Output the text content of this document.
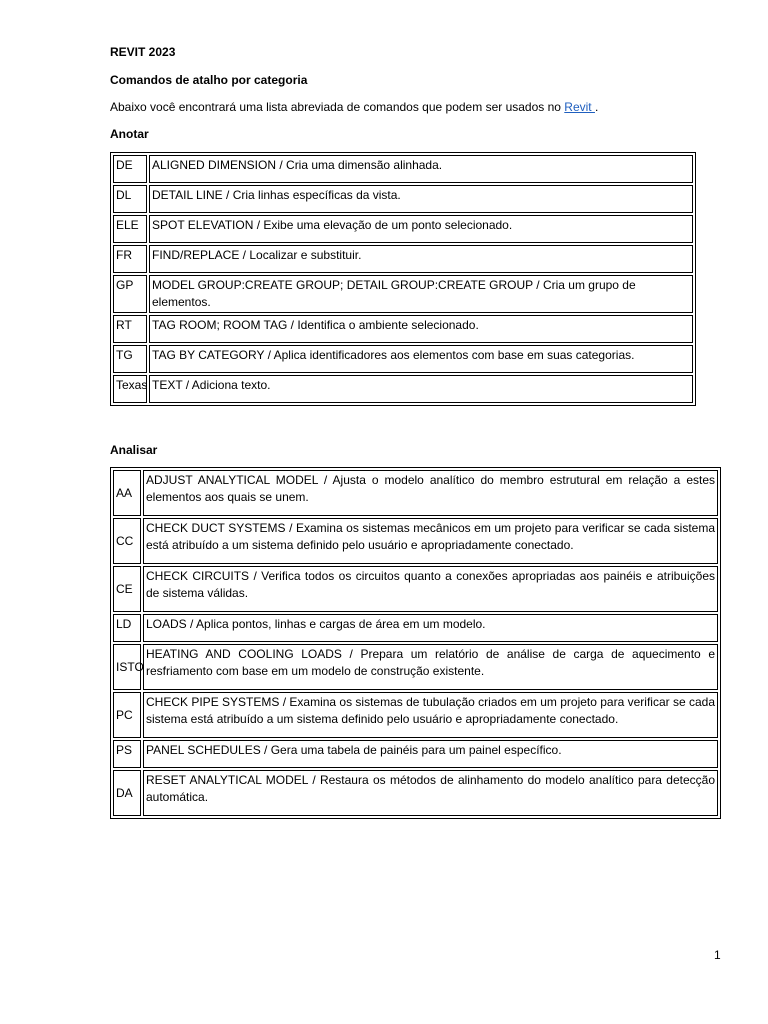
REVIT 2023
Comandos de atalho por categoria
Abaixo você encontrará uma lista abreviada de comandos que podem ser usados no Revit .
Anotar
DE	ALIGNED DIMENSION / Cria uma dimensão alinhada.
DL	DETAIL LINE / Cria linhas específicas da vista.
ELE	SPOT ELEVATION / Exibe uma elevação de um ponto selecionado.
FR	FIND/REPLACE / Localizar e substituir.
GP	MODEL GROUP:CREATE GROUP; DETAIL GROUP:CREATE GROUP / Cria um grupo de elementos.
RT	TAG ROOM; ROOM TAG / Identifica o ambiente selecionado.
TG	TAG BY CATEGORY / Aplica identificadores aos elementos com base em suas categorias.
Texas	TEXT / Adiciona texto.
Analisar
AA	ADJUST ANALYTICAL MODEL / Ajusta o modelo analítico do membro estrutural em relação a estes elementos aos quais se unem.
CC	CHECK DUCT SYSTEMS / Examina os sistemas mecânicos em um projeto para verificar se cada sistema está atribuído a um sistema definido pelo usuário e apropriadamente conectado.
CE	CHECK CIRCUITS / Verifica todos os circuitos quanto a conexões apropriadas aos painéis e atribuições de sistema válidas.
LD	LOADS / Aplica pontos, linhas e cargas de área em um modelo.
ISTO	HEATING AND COOLING LOADS / Prepara um relatório de análise de carga de aquecimento e resfriamento com base em um modelo de construção existente.
PC	CHECK PIPE SYSTEMS / Examina os sistemas de tubulação criados em um projeto para verificar se cada sistema está atribuído a um sistema definido pelo usuário e apropriadamente conectado.
PS	PANEL SCHEDULES / Gera uma tabela de painéis para um painel específico.
DA	RESET ANALYTICAL MODEL / Restaura os métodos de alinhamento do modelo analítico para detecção automática.
1
